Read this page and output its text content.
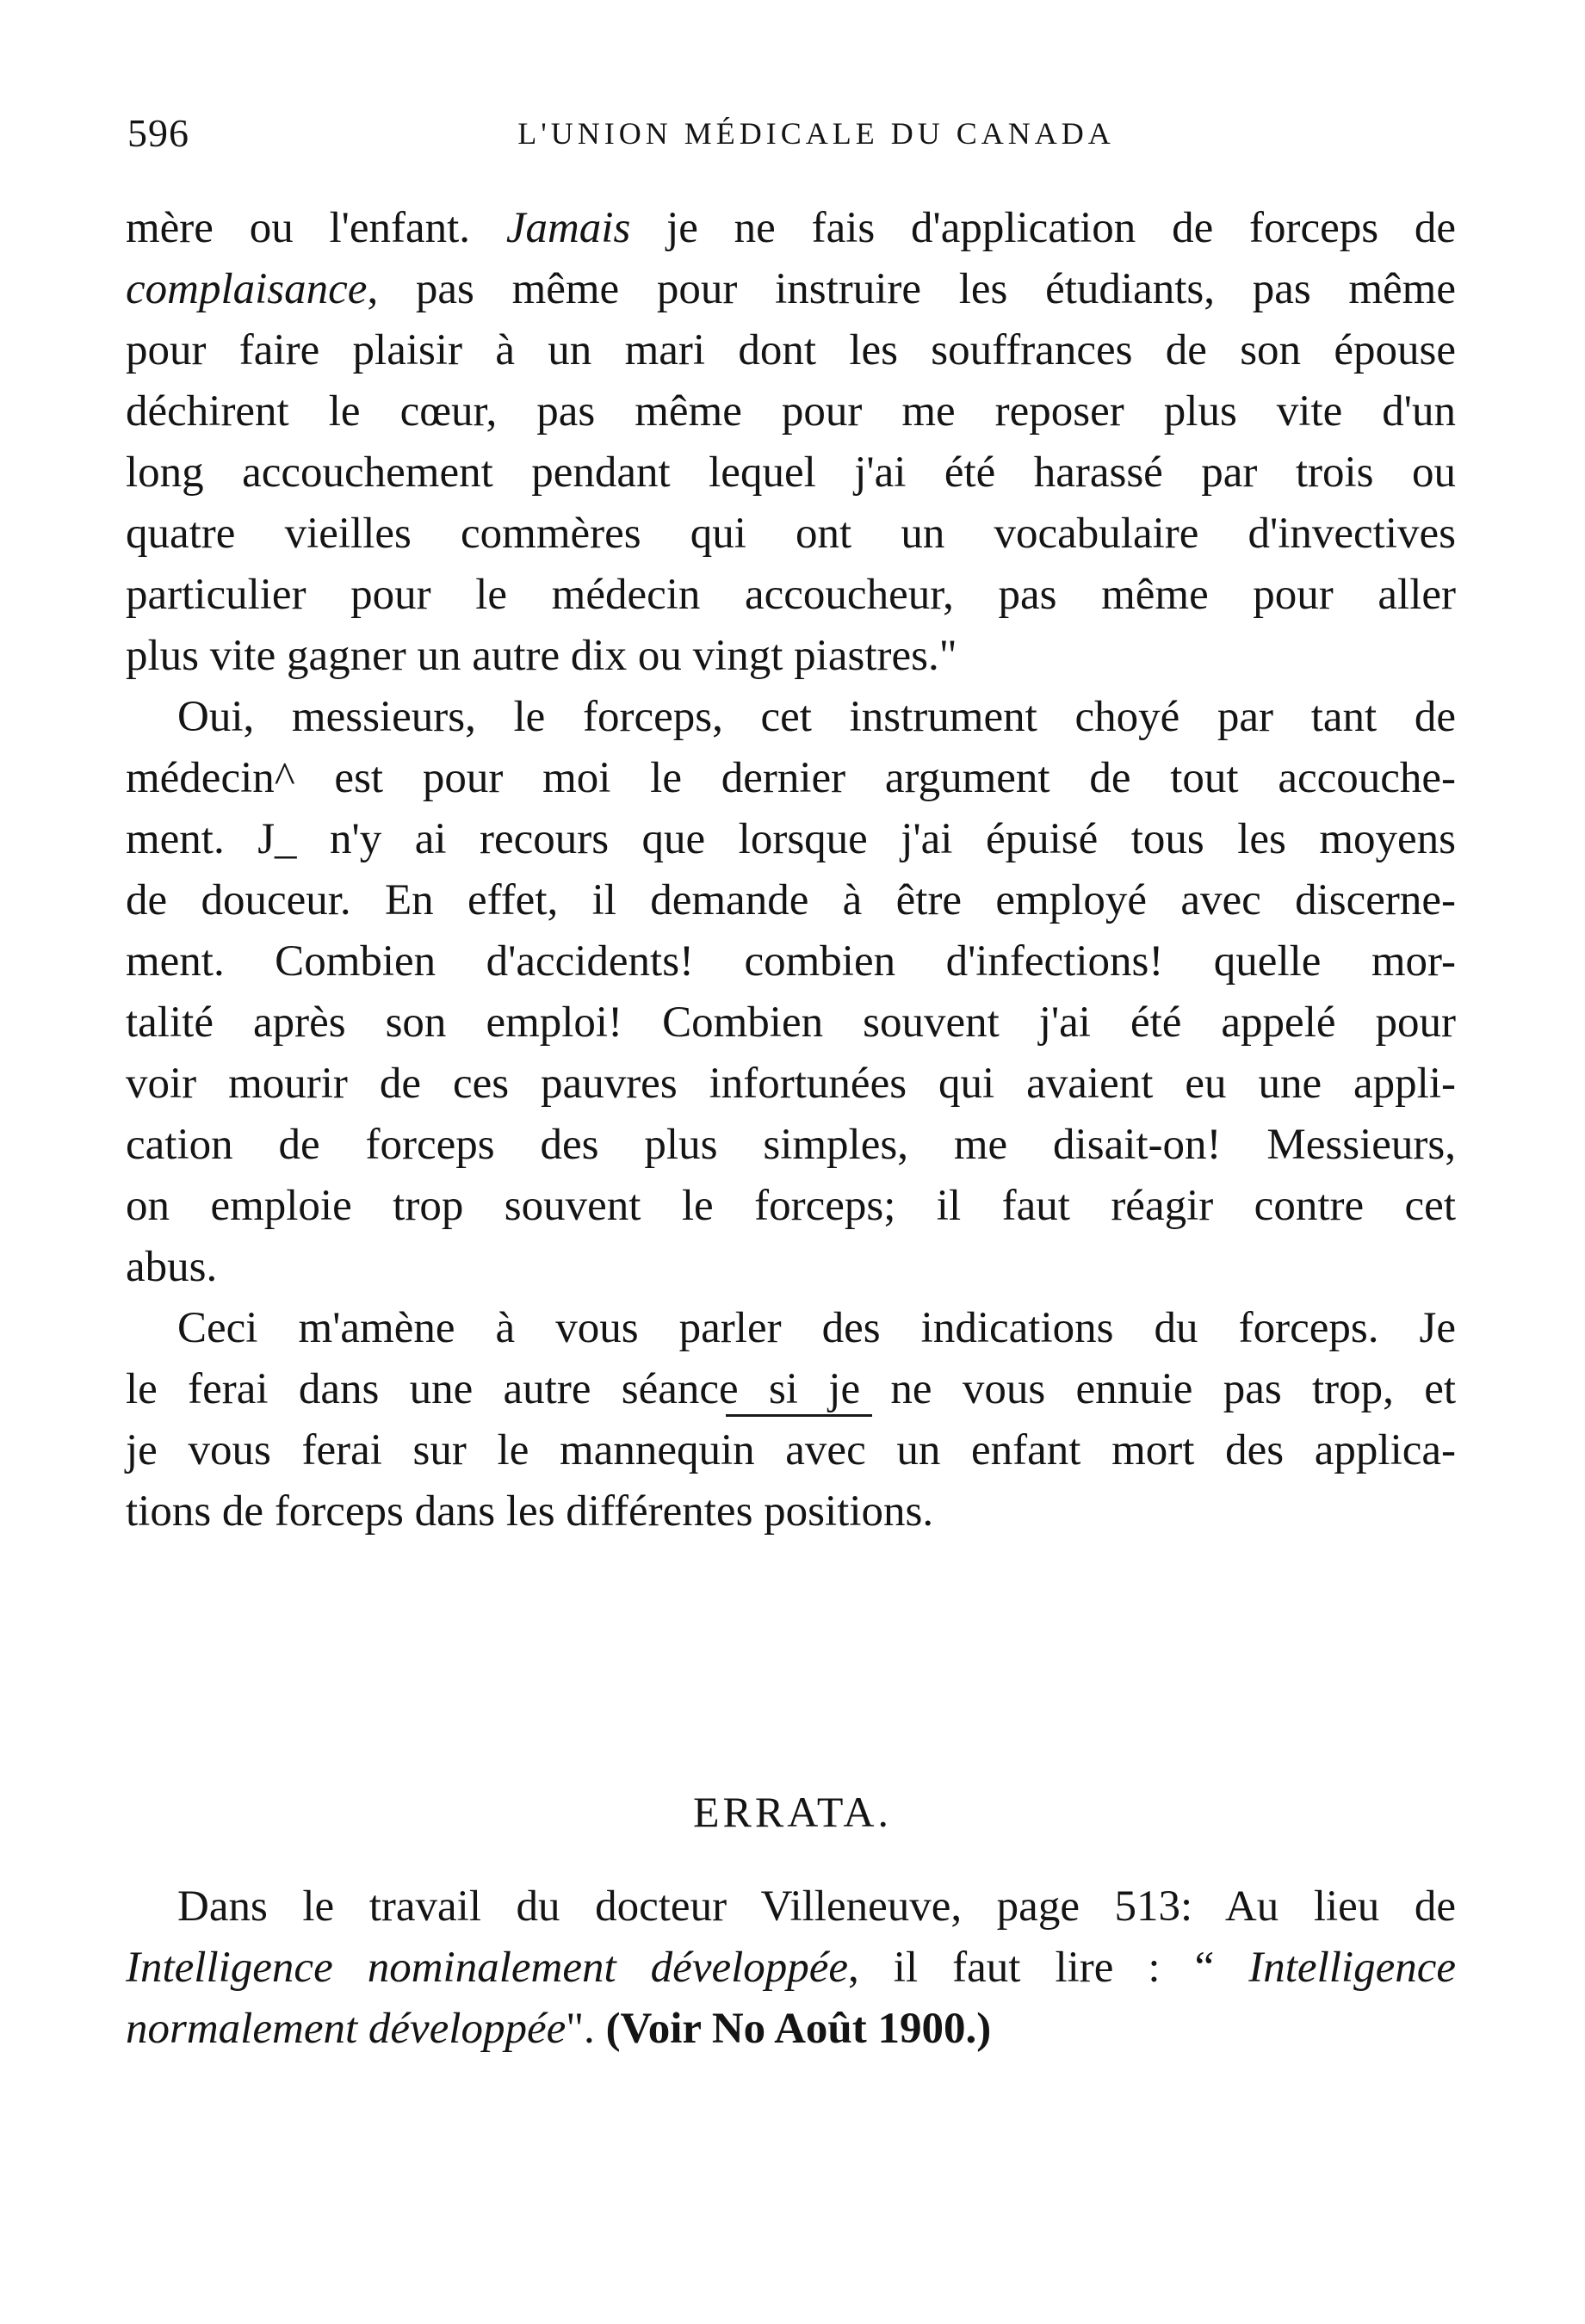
596	L'UNION MÉDICALE DU CANADA

mère ou l'enfant. Jamais je ne fais d'application de forceps de
complaisance, pas même pour instruire les étudiants, pas même
pour faire plaisir à un mari dont les souffrances de son épouse
déchirent le cœur, pas même pour me reposer plus vite d'un
long accouchement pendant lequel j'ai été harassé par trois ou
quatre vieilles commères qui ont un vocabulaire d'invectives
particulier pour le médecin accoucheur, pas même pour aller
plus vite gagner un autre dix ou vingt piastres."

Oui, messieurs, le forceps, cet instrument choyé par tant de
médecin^ est pour moi le dernier argument de tout accouche-
ment. J_ n'y ai recours que lorsque j'ai épuisé tous les moyens
de douceur. En effet, il demande à être employé avec discerne-
ment. Combien d'accidents! combien d'infections! quelle mor-
talité après son emploi! Combien souvent j'ai été appelé pour
voir mourir de ces pauvres infortunées qui avaient eu une appli-
cation de forceps des plus simples, me disait-on! Messieurs,
on emploie trop souvent le forceps; il faut réagir contre cet
abus.

Ceci m'amène à vous parler des indications du forceps. Je
le ferai dans une autre séance si je ne vous ennuie pas trop, et
je vous ferai sur le mannequin avec un enfant mort des applica-
tions de forceps dans les différentes positions.

ERRATA.
Dans le travail du docteur Villeneuve, page 513: Au lieu de
Intelligence nominalement développée, il faut lire : “ Intelligence
normalement développée". (Voir No Août 1900.)
